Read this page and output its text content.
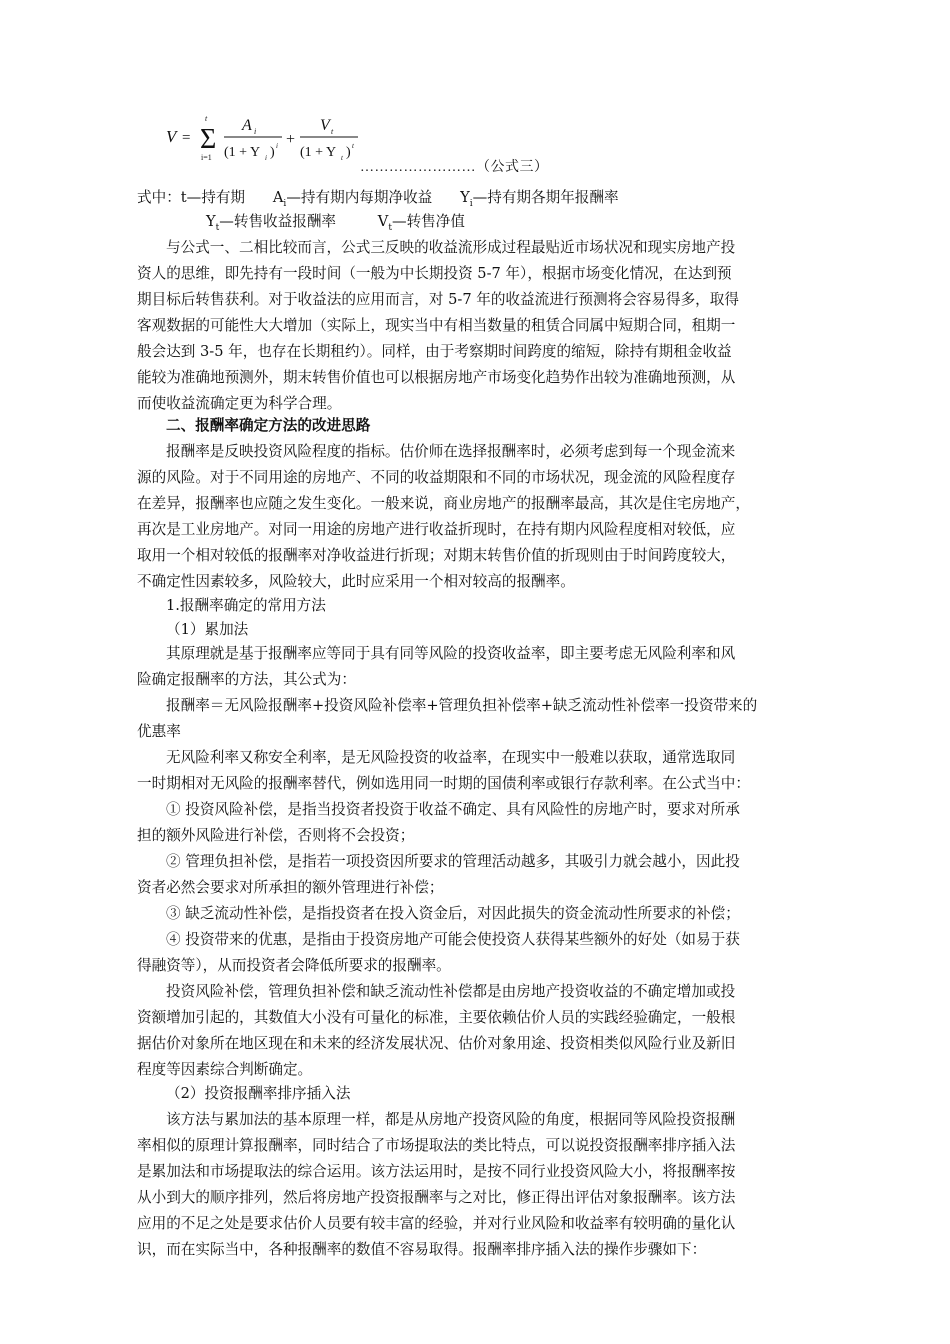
V = Σ
t
i=1
A i
(1 + Y i ) i +
V t
(1 + Y t ) t
……………………（公式三）
式中：t—持有期 $A_i—$持有期内每期净收益 $Y_i—$持有期各期年报酬率
$Y_t—$转售收益报酬率	$V_t—$转售净值
与公式一、二相比较而言，公式三反映的收益流形成过程最贴近市场状况和现实房地产投
资人的思维，即先持有一段时间（一般为中长期投资 5-7 年），根据市场变化情况，在达到预
期目标后转售获利。对于收益法的应用而言，对 5-7 年的收益流进行预测将会容易得多，取得
客观数据的可能性大大增加（实际上，现实当中有相当数量的租赁合同属中短期合同，租期一
般会达到 3-5 年，也存在长期租约）。同样，由于考察期时间跨度的缩短，除持有期租金收益
能较为准确地预测外，期末转售价值也可以根据房地产市场变化趋势作出较为准确地预测，从
而使收益流确定更为科学合理。
二、报酬率确定方法的改进思路
报酬率是反映投资风险程度的指标。估价师在选择报酬率时，必须考虑到每一个现金流来
源的风险。对于不同用途的房地产、不同的收益期限和不同的市场状况，现金流的风险程度存
在差异，报酬率也应随之发生变化。一般来说，商业房地产的报酬率最高，其次是住宅房地产，
再次是工业房地产。对同一用途的房地产进行收益折现时，在持有期内风险程度相对较低，应
取用一个相对较低的报酬率对净收益进行折现；对期末转售价值的折现则由于时间跨度较大，
不确定性因素较多，风险较大，此时应采用一个相对较高的报酬率。
1.报酬率确定的常用方法
（1）累加法
其原理就是基于报酬率应等同于具有同等风险的投资收益率，即主要考虑无风险利率和风
险确定报酬率的方法，其公式为：
报酬率＝无风险报酬率+投资风险补偿率+管理负担补偿率+缺乏流动性补偿率一投资带来的
优惠率
无风险利率又称安全利率，是无风险投资的收益率，在现实中一般难以获取，通常选取同
一时期相对无风险的报酬率替代，例如选用同一时期的国债利率或银行存款利率。在公式当中：
① 投资风险补偿，是指当投资者投资于收益不确定、具有风险性的房地产时，要求对所承
担的额外风险进行补偿，否则将不会投资；
② 管理负担补偿，是指若一项投资因所要求的管理活动越多，其吸引力就会越小，因此投
资者必然会要求对所承担的额外管理进行补偿；
③ 缺乏流动性补偿，是指投资者在投入资金后，对因此损失的资金流动性所要求的补偿；
④ 投资带来的优惠，是指由于投资房地产可能会使投资人获得某些额外的好处（如易于获
得融资等），从而投资者会降低所要求的报酬率。
投资风险补偿，管理负担补偿和缺乏流动性补偿都是由房地产投资收益的不确定增加或投
资额增加引起的，其数值大小没有可量化的标准，主要依赖估价人员的实践经验确定，一般根
据估价对象所在地区现在和未来的经济发展状况、估价对象用途、投资相类似风险行业及新旧
程度等因素综合判断确定。
（2）投资报酬率排序插入法
该方法与累加法的基本原理一样，都是从房地产投资风险的角度，根据同等风险投资报酬
率相似的原理计算报酬率，同时结合了市场提取法的类比特点，可以说投资报酬率排序插入法
是累加法和市场提取法的综合运用。该方法运用时，是按不同行业投资风险大小，将报酬率按
从小到大的顺序排列，然后将房地产投资报酬率与之对比，修正得出评估对象报酬率。该方法
应用的不足之处是要求估价人员要有较丰富的经验，并对行业风险和收益率有较明确的量化认
识，而在实际当中，各种报酬率的数值不容易取得。报酬率排序插入法的操作步骤如下：
